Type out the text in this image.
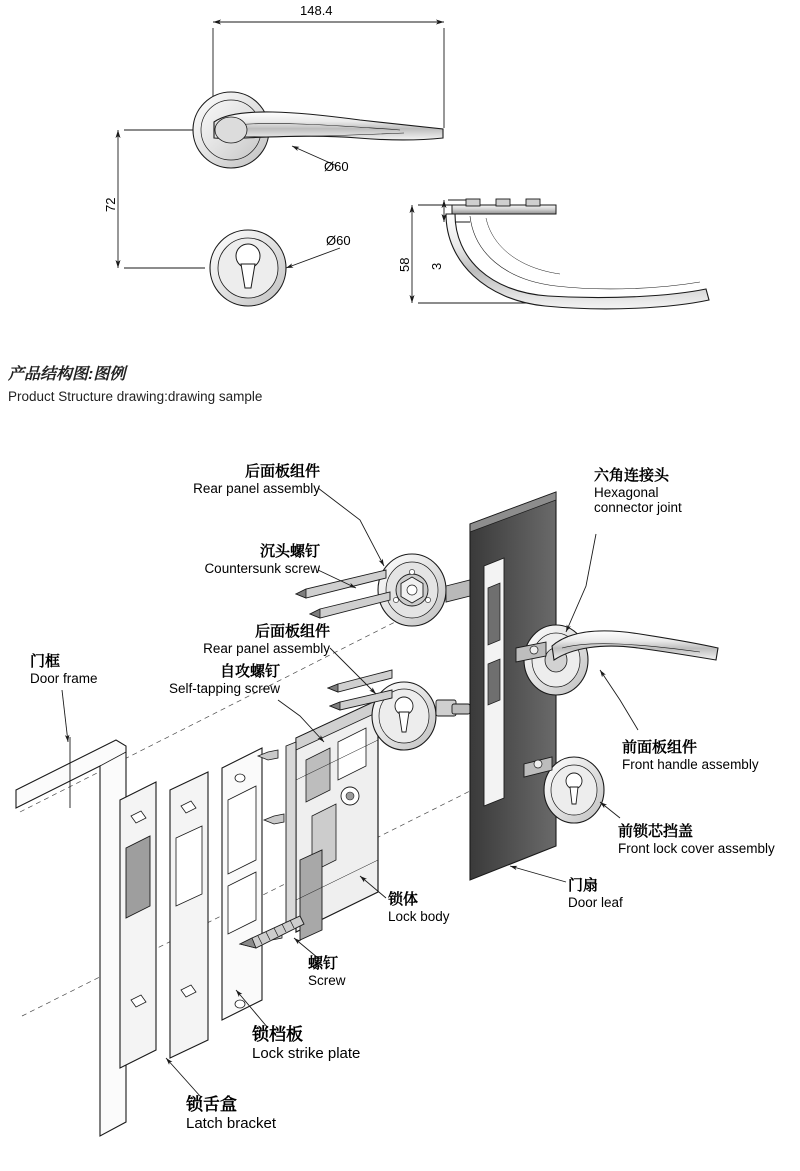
148.4
Ø60
Ø60
72
58 3
产品结构图:图例
Product Structure drawing:drawing sample
后面板组件
Rear panel assembly
沉头螺钉
Countersunk screw
后面板组件
Rear panel assembly
自攻螺钉
Self-tapping screw
六角连接头
Hexagonal
connector joint
门框
Door frame
前面板组件
Front handle assembly
前锁芯挡盖
Front lock cover assembly
锁体
Lock body
门扇
Door leaf
螺钉
Screw
锁档板
Lock strike plate
锁舌盒
Latch bracket
